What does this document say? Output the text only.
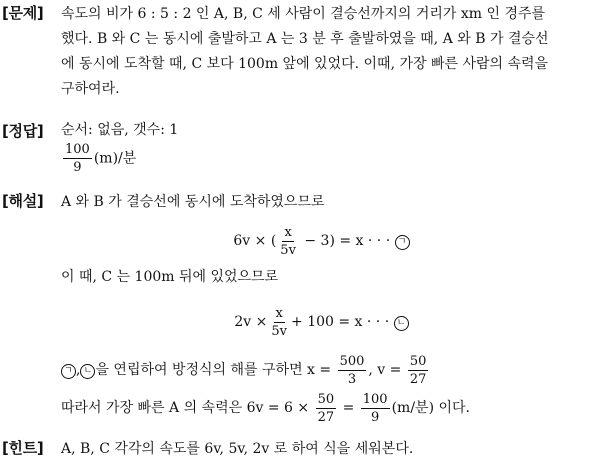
[문제] 속도의 비가 6 : 5 : 2 인 A, B, C 세 사람이 결승선까지의 거리가 xm 인 경주를
했다. B 와 C 는 동시에 출발하고 A 는 3 분 후 출발하였을 때, A 와 B 가 결승선
에 동시에 도착할 때, C 보다 100m 앞에 있었다. 이때, 가장 빠른 사람의 속력을
구하여라.
[정답] 순서: 없음, 갯수: 1
$\frac{100}{9} (m)/$분
[해설] A 와 B 가 결승선에 동시에 도착하였으므로
6v × ( $\frac{x}{5v} - 3) = x$ · · · ㄱ
이 때, C 는 100m 뒤에 있었으므로
$2v \times \frac{x}{5v} + 100 = x$ · · · ㄴ
ㄱ , ㄴ 을 연립하여 방정식의 해를 구하면 $x = \frac{500}{3}$ , $v = \frac{50}{27}$
따라서 가장 빠른 A 의 속력은 $6v = 6 \times \frac{50}{27} = \frac{100}{9} (m/$분) 이다.
[힌트] A, B, C 각각의 속도를 6v, 5v, 2v 로 하여 식을 세워본다.
